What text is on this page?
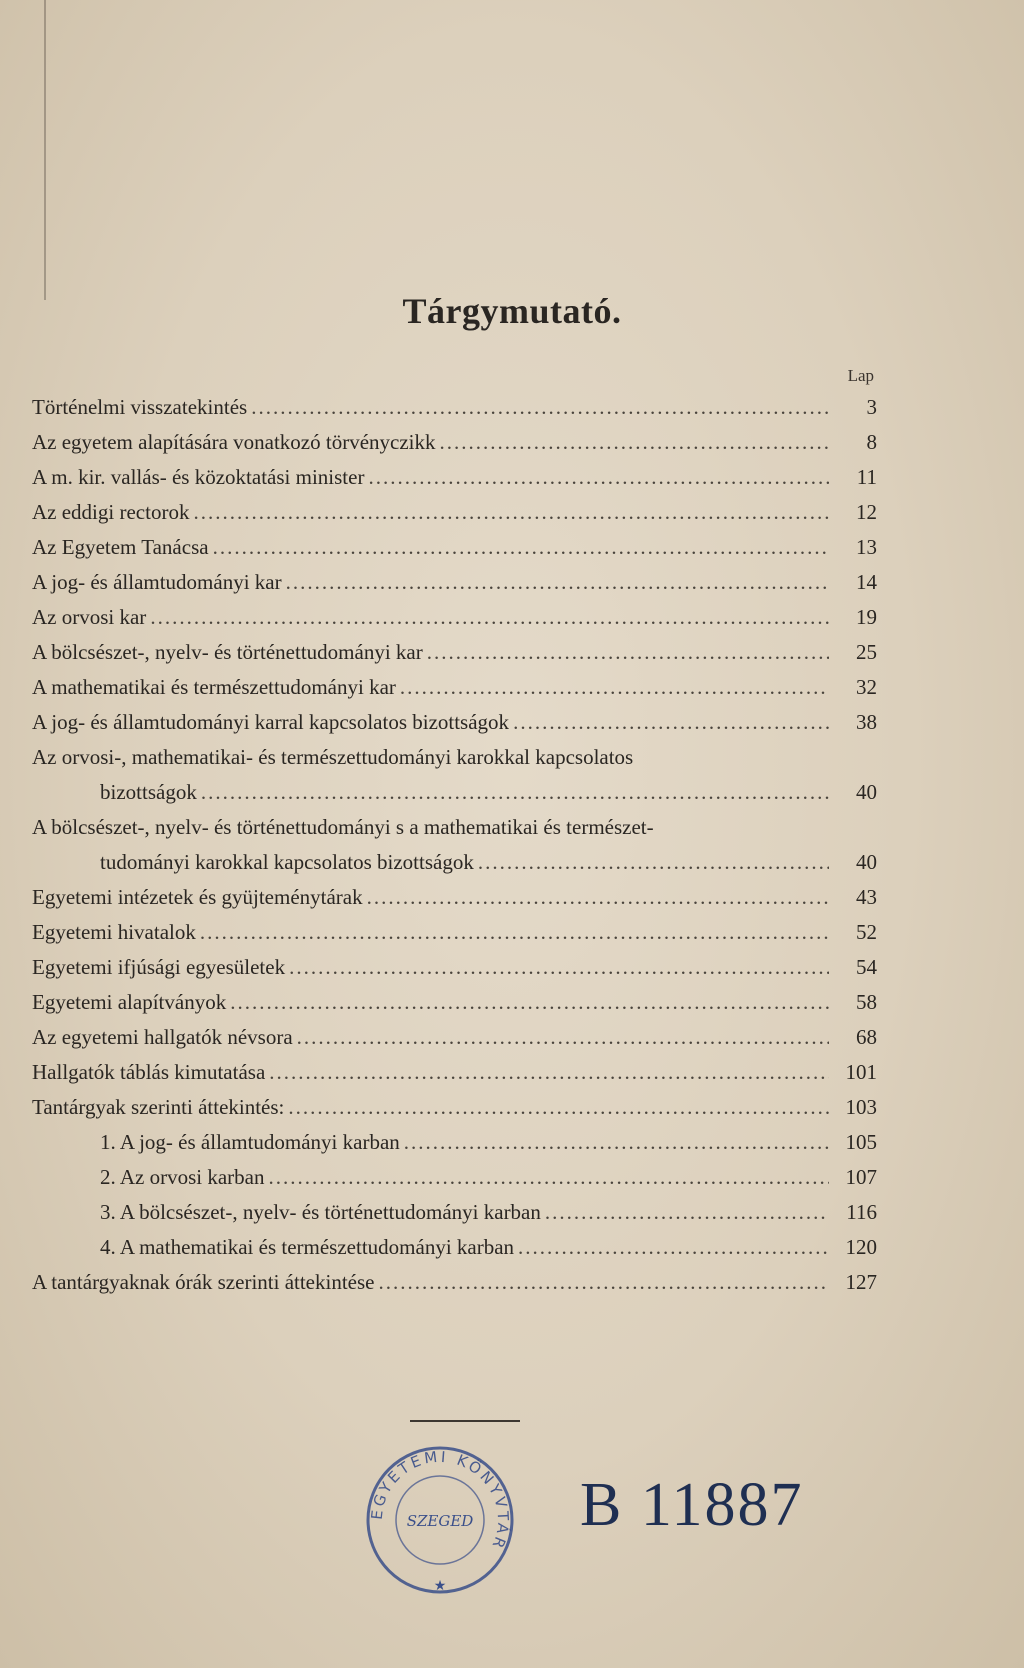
Tárgymutató.
Lap
Történelmi visszatekintés .....	3
Az egyetem alapítására vonatkozó törvényczikk .....	8
A m. kir. vallás- és közoktatási minister .....	11
Az eddigi rectorok .....	12
Az Egyetem Tanácsa .....	13
A jog- és államtudományi kar .....	14
Az orvosi kar .....	19
A bölcsészet-, nyelv- és történettudományi kar .....	25
A mathematikai és természettudományi kar .....	32
A jog- és államtudományi karral kapcsolatos bizottságok .....	38
Az orvosi-, mathematikai- és természettudományi karokkal kapcsolatos
bizottságok .....	40
A bölcsészet-, nyelv- és történettudományi s a mathematikai és természet-
tudományi karokkal kapcsolatos bizottságok .....	40
Egyetemi intézetek és gyüjteménytárak .....	43
Egyetemi hivatalok .....	52
Egyetemi ifjúsági egyesületek .....	54
Egyetemi alapítványok .....	58
Az egyetemi hallgatók névsora .....	68
Hallgatók táblás kimutatása .....	101
Tantárgyak szerinti áttekintés: .....	103
1. A jog- és államtudományi karban .....	105
2. Az orvosi karban .....	107
3. A bölcsészet-, nyelv- és történettudományi karban .....	116
4. A mathematikai és természettudományi karban .....	120
A tantárgyaknak órák szerinti áttekintése .....	127
EGYETEMI KÖNYVTÁR
SZEGED
★
B 11887
